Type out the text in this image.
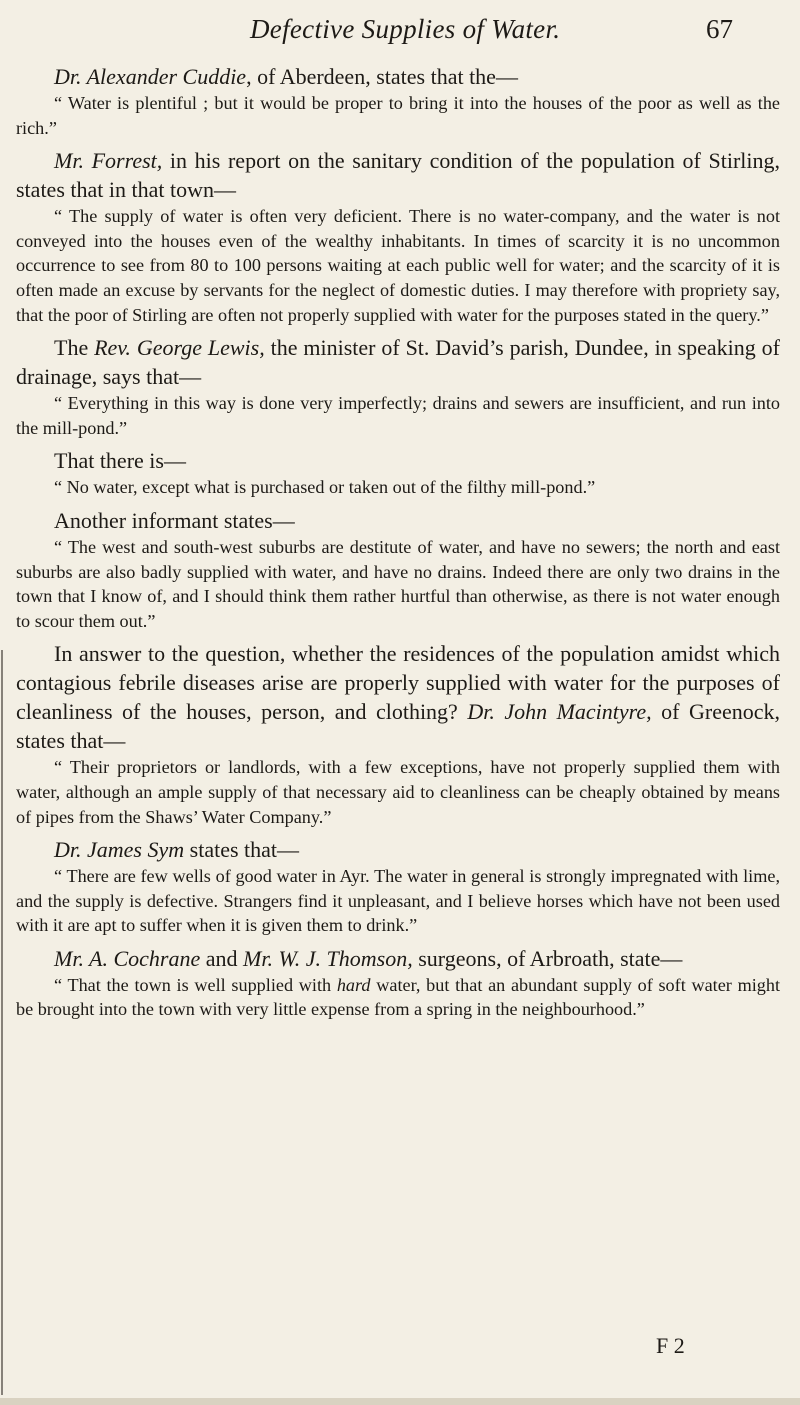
Defective Supplies of Water.	67

Dr. Alexander Cuddie, of Aberdeen, states that the—

“ Water is plentiful ; but it would be proper to bring it into the houses of the poor as well as the rich.”

Mr. Forrest, in his report on the sanitary condition of the population of Stirling, states that in that town—

“ The supply of water is often very deficient. There is no water-company, and the water is not conveyed into the houses even of the wealthy inhabitants. In times of scarcity it is no uncommon occurrence to see from 80 to 100 persons waiting at each public well for water; and the scarcity of it is often made an excuse by servants for the neglect of domestic duties. I may therefore with propriety say, that the poor of Stirling are often not properly supplied with water for the purposes stated in the query.”

The Rev. George Lewis, the minister of St. David’s parish, Dundee, in speaking of drainage, says that—

“ Everything in this way is done very imperfectly; drains and sewers are insufficient, and run into the mill-pond.”

That there is—

“ No water, except what is purchased or taken out of the filthy mill-pond.”

Another informant states—

“ The west and south-west suburbs are destitute of water, and have no sewers; the north and east suburbs are also badly supplied with water, and have no drains. Indeed there are only two drains in the town that I know of, and I should think them rather hurtful than otherwise, as there is not water enough to scour them out.”

In answer to the question, whether the residences of the population amidst which contagious febrile diseases arise are properly supplied with water for the purposes of cleanliness of the houses, person, and clothing? Dr. John Macintyre, of Greenock, states that—

“ Their proprietors or landlords, with a few exceptions, have not properly supplied them with water, although an ample supply of that necessary aid to cleanliness can be cheaply obtained by means of pipes from the Shaws’ Water Company.”

Dr. James Sym states that—

“ There are few wells of good water in Ayr. The water in general is strongly impregnated with lime, and the supply is defective. Strangers find it unpleasant, and I believe horses which have not been used with it are apt to suffer when it is given them to drink.”

Mr. A. Cochrane and Mr. W. J. Thomson, surgeons, of Arbroath, state—

“ That the town is well supplied with hard water, but that an abundant supply of soft water might be brought into the town with very little expense from a spring in the neighbourhood.”

F 2
